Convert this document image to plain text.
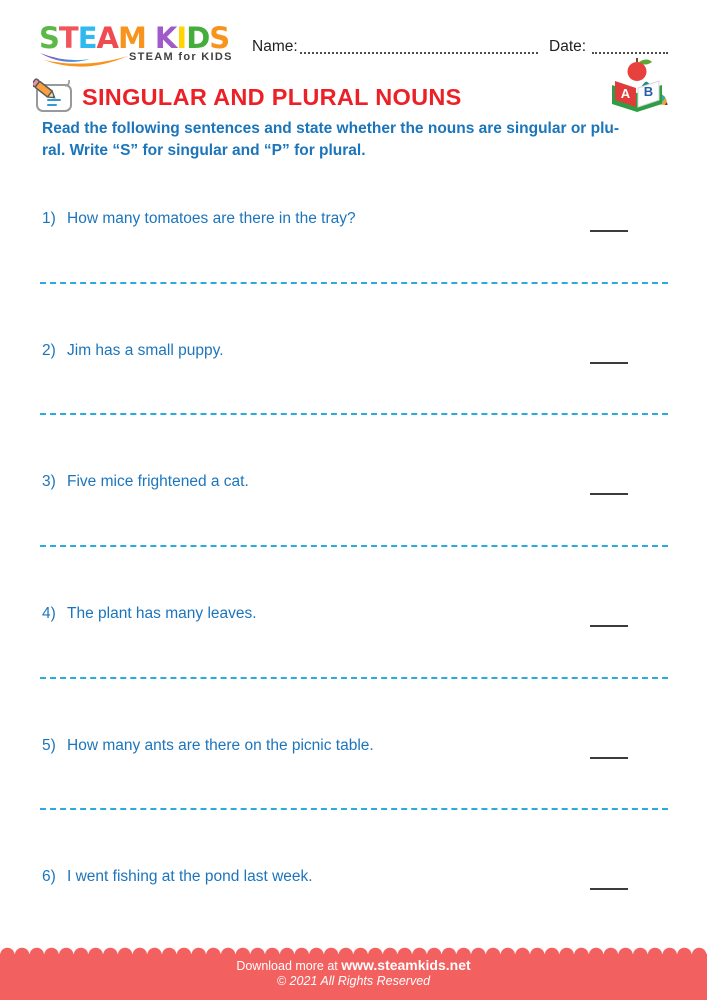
STEAM KIDS
STEAM for KIDS
Name:	Date:
A B
SINGULAR AND PLURAL NOUNS
Read the following sentences and state whether the nouns are singular or plu-
ral. Write “S” for singular and “P” for plural.
1) How many tomatoes are there in the tray?
2) Jim has a small puppy.
3) Five mice frightened a cat.
4) The plant has many leaves.
5) How many ants are there on the picnic table.
6) I went fishing at the pond last week.
Download more at www.steamkids.net
© 2021 All Rights Reserved
